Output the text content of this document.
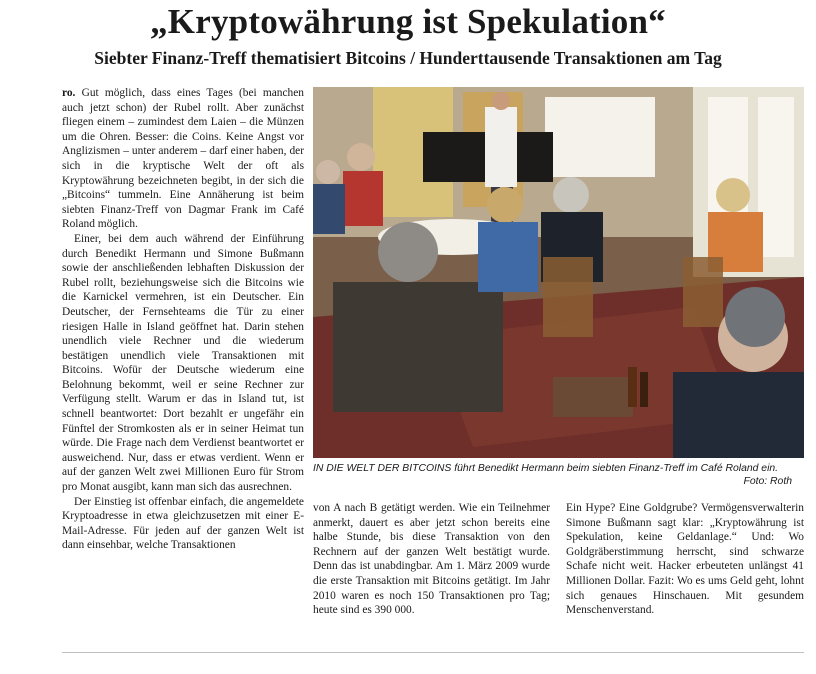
„Kryptowährung ist Spekulation“
Siebter Finanz-Treff thematisiert Bitcoins / Hunderttausende Transaktionen am Tag

ro. Gut möglich, dass eines Tages (bei manchen auch jetzt schon) der Rubel rollt. Aber zunächst fliegen einem – zumindest dem Laien – die Münzen um die Ohren. Besser: die Coins. Keine Angst vor Anglizismen – unter anderem – darf einer haben, der sich in die kryptische Welt der oft als Kryptowährung bezeichneten begibt, in der sich die „Bitcoins“ tummeln. Eine Annäherung ist beim siebten Finanz-Treff von Dagmar Frank im Café Roland möglich.

Einer, bei dem auch während der Einführung durch Benedikt Hermann und Simone Bußmann sowie der anschließenden lebhaften Diskussion der Rubel rollt, beziehungsweise sich die Bitcoins wie die Karnickel vermehren, ist ein Deutscher. Ein Deutscher, der Fernsehteams die Tür zu einer riesigen Halle in Island geöffnet hat. Darin stehen unendlich viele Rechner und die wiederum bestätigen unendlich viele Transaktionen mit Bitcoins. Wofür der Deutsche wiederum eine Belohnung bekommt, weil er seine Rechner zur Verfügung stellt. Warum er das in Island tut, ist schnell beantwortet: Dort bezahlt er ungefähr ein Fünftel der Stromkosten als er in seiner Heimat tun würde. Die Frage nach dem Verdienst beantwortet er ausweichend. Nur, dass er etwas verdient. Wenn er auf der ganzen Welt zwei Millionen Euro für Strom pro Monat ausgibt, kann man sich das ausrechnen.

Der Einstieg ist offenbar einfach, die angemeldete Kryptoadresse in etwa gleichzusetzen mit einer E-Mail-Adresse. Für jeden auf der ganzen Welt ist dann einsehbar, welche Transaktionen

IN DIE WELT DER BITCOINS führt Benedikt Hermann beim siebten Finanz-Treff im Café Roland ein.
Foto: Roth

von A nach B getätigt werden. Wie ein Teilnehmer anmerkt, dauert es aber jetzt schon bereits eine halbe Stunde, bis diese Transaktion von den Rechnern auf der ganzen Welt bestätigt wurde. Denn das ist unabdingbar. Am 1. März 2009 wurde die erste Transaktion mit Bitcoins getätigt. Im Jahr 2010 waren es noch 150 Transaktionen pro Tag; heute sind es 390 000.

Ein Hype? Eine Goldgrube? Vermögensverwalterin Simone Bußmann sagt klar: „Kryptowährung ist Spekulation, keine Geldanlage.“ Und: Wo Goldgräberstimmung herrscht, sind schwarze Schafe nicht weit. Hacker erbeuteten unlängst 41 Millionen Dollar. Fazit: Wo es ums Geld geht, lohnt sich genaues Hinschauen. Mit gesundem Menschenverstand.
